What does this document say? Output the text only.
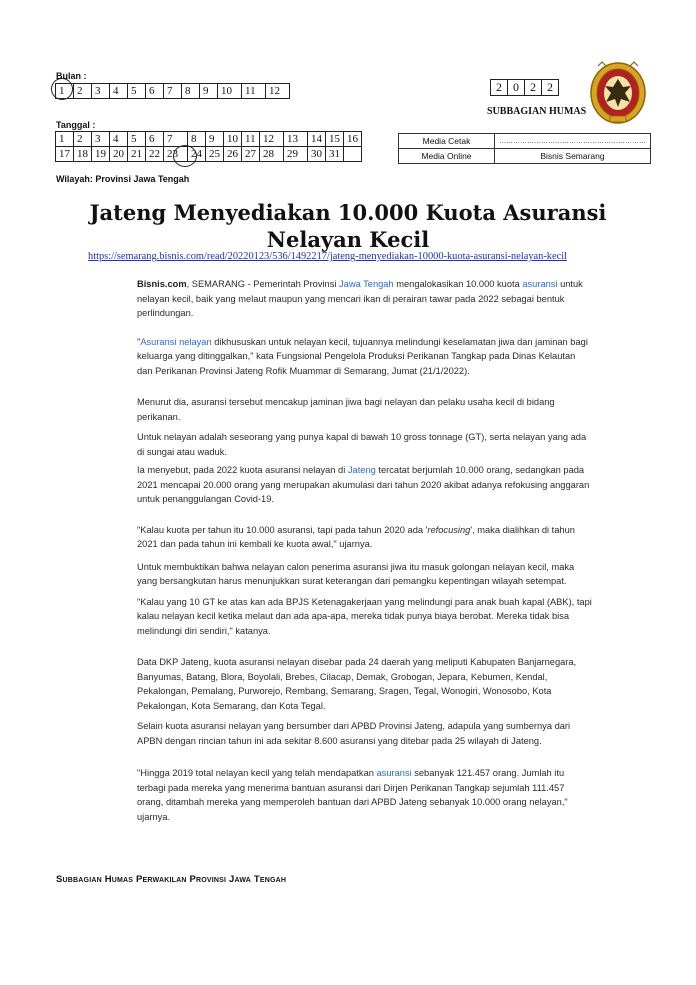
Bulan :
1	2	3	4	5	6	7	8	9	10	11	12
Tanggal :
1	2	3	4	5	6	7	8	9	10	11	12	13	14	15	16
17	18	19	20	21	22	23	24	25	26	27	28	29	30	31	
2	0	2	2
SUBBAGIAN HUMAS
Media Cetak	………………………………………………………
Media Online	Bisnis Semarang
Wilayah: Provinsi Jawa Tengah
Jateng Menyediakan 10.000 Kuota Asuransi
Nelayan Kecil
https://semarang.bisnis.com/read/20220123/536/1492217/jateng-menyediakan-10000-kuota-asuransi-nelayan-kecil

Bisnis.com, SEMARANG - Pemerintah Provinsi Jawa Tengah mengalokasikan 10.000 kuota asuransi untuk nelayan kecil, baik yang melaut maupun yang mencari ikan di perairan tawar pada 2022 sebagai bentuk perlindungan.

"Asuransi nelayan dikhususkan untuk nelayan kecil, tujuannya melindungi keselamatan jiwa dan jaminan bagi keluarga yang ditinggalkan," kata Fungsional Pengelola Produksi Perikanan Tangkap pada Dinas Kelautan dan Perikanan Provinsi Jateng Rofik Muammar di Semarang, Jumat (21/1/2022).

Menurut dia, asuransi tersebut mencakup jaminan jiwa bagi nelayan dan pelaku usaha kecil di bidang perikanan.

Untuk nelayan adalah seseorang yang punya kapal di bawah 10 gross tonnage (GT), serta nelayan yang ada di sungai atau waduk.

Ia menyebut, pada 2022 kuota asuransi nelayan di Jateng tercatat berjumlah 10.000 orang, sedangkan pada 2021 mencapai 20.000 orang yang merupakan akumulasi dari tahun 2020 akibat adanya refokusing anggaran untuk penanggulangan Covid-19.

"Kalau kuota per tahun itu 10.000 asuransi, tapi pada tahun 2020 ada 'refocusing', maka dialihkan di tahun 2021 dan pada tahun ini kembali ke kuota awal," ujarnya.

Untuk membuktikan bahwa nelayan calon penerima asuransi jiwa itu masuk golongan nelayan kecil, maka yang bersangkutan harus menunjukkan surat keterangan dari pemangku kepentingan wilayah setempat.

"Kalau yang 10 GT ke atas kan ada BPJS Ketenagakerjaan yang melindungi para anak buah kapal (ABK), tapi kalau nelayan kecil ketika melaut dan ada apa-apa, mereka tidak punya biaya berobat. Mereka tidak bisa melindungi diri sendiri," katanya.

Data DKP Jateng, kuota asuransi nelayan disebar pada 24 daerah yang meliputi Kabupaten Banjarnegara, Banyumas, Batang, Blora, Boyolali, Brebes, Cilacap, Demak, Grobogan, Jepara, Kebumen, Kendal, Pekalongan, Pemalang, Purworejo, Rembang, Semarang, Sragen, Tegal, Wonogiri, Wonosobo, Kota Pekalongan, Kota Semarang, dan Kota Tegal.

Selain kuota asuransi nelayan yang bersumber dari APBD Provinsi Jateng, adapula yang sumbernya dari APBN dengan rincian tahun ini ada sekitar 8.600 asuransi yang ditebar pada 25 wilayah di Jateng.

"Hingga 2019 total nelayan kecil yang telah mendapatkan asuransi sebanyak 121.457 orang. Jumlah itu terbagi pada mereka yang menerima bantuan asuransi dari Dirjen Perikanan Tangkap sejumlah 111.457 orang, ditambah mereka yang memperoleh bantuan dari APBD Jateng sebanyak 10.000 orang nelayan," ujarnya.

Subbagian Humas Perwakilan Provinsi Jawa Tengah
